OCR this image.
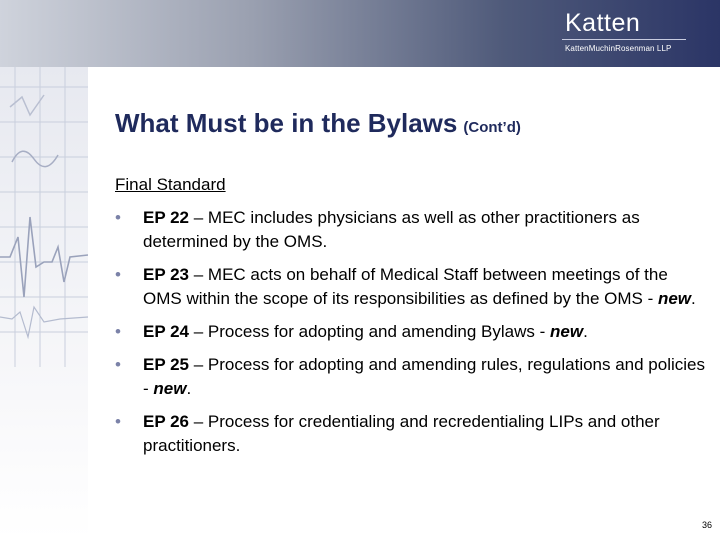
Katten
KattenMuchinRosenman LLP
What Must be in the Bylaws (Cont’d)
Final Standard
• EP 22 – MEC includes physicians as well as other practitioners as determined by the OMS.
• EP 23 – MEC acts on behalf of Medical Staff between meetings of the OMS within the scope of its responsibilities as defined by the OMS - new.
• EP 24 – Process for adopting and amending Bylaws - new.
• EP 25 – Process for adopting and amending rules, regulations and policies - new.
• EP 26 – Process for credentialing and recredentialing LIPs and other practitioners.
36
